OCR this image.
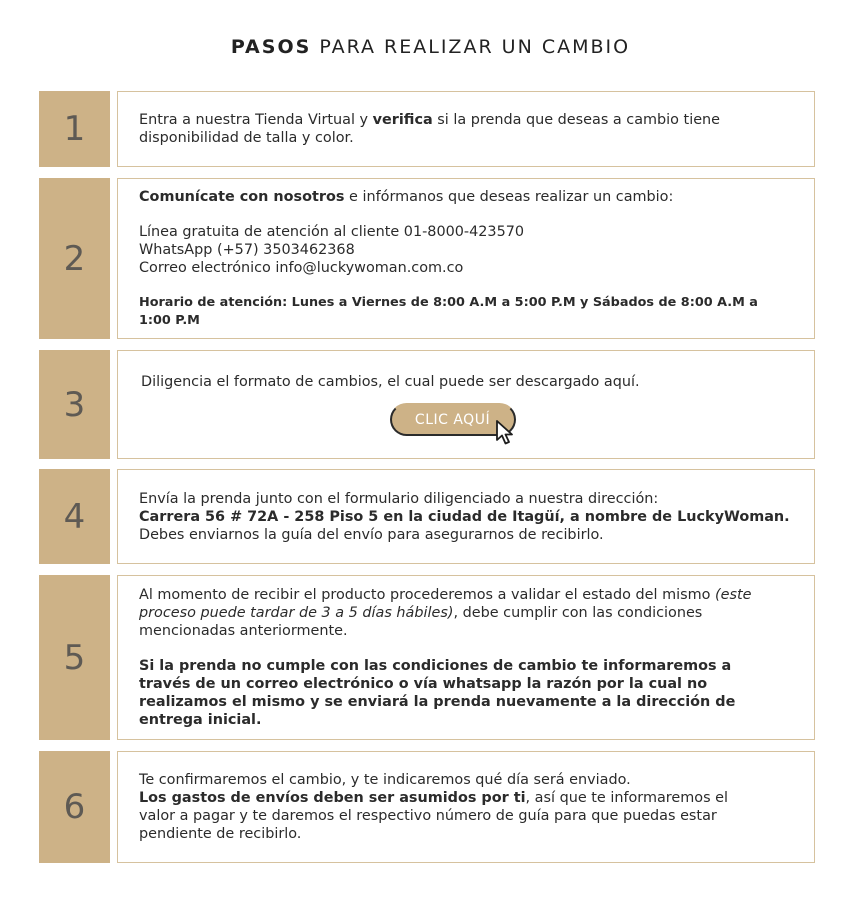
PASOS PARA REALIZAR UN CAMBIO
1	Entra a nuestra Tienda Virtual y verifica si la prenda que deseas a cambio tiene disponibilidad de talla y color.

2

Comunícate con nosotros e infórmanos que deseas realizar un cambio:

Línea gratuita de atención al cliente 01-8000-423570

WhatsApp (+57) 3503462368

Correo electrónico info@luckywoman.com.co

Horario de atención: Lunes a Viernes de 8:00 A.M a 5:00 P.M y Sábados de 8:00 A.M a 1:00 P.M

3

Diligencia el formato de cambios, el cual puede ser descargado aquí.

CLIC AQUÍ
4	Envía la prenda junto con el formulario diligenciado a nuestra dirección:

Carrera 56 # 72A - 258 Piso 5 en la ciudad de Itagüí, a nombre de LuckyWoman.

Debes enviarnos la guía del envío para asegurarnos de recibirlo.

5

Al momento de recibir el producto procederemos a validar el estado del mismo (este proceso puede tardar de 3 a 5 días hábiles), debe cumplir con las condiciones mencionadas anteriormente.

Si la prenda no cumple con las condiciones de cambio te informaremos a través de un correo electrónico o vía whatsapp la razón por la cual no realizamos el mismo y se enviará la prenda nuevamente a la dirección de entrega inicial.

6

Te confirmaremos el cambio, y te indicaremos qué día será enviado.

Los gastos de envíos deben ser asumidos por ti, así que te informaremos el valor a pagar y te daremos el respectivo número de guía para que puedas estar pendiente de recibirlo.
